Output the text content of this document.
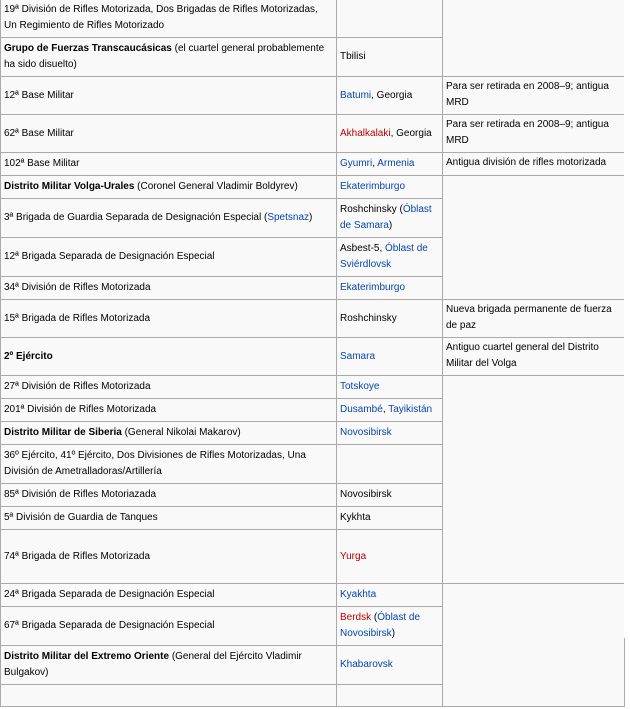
19ª División de Rifles Motorizada, Dos Brigadas de Rifles Motorizadas, Un Regimiento de Rifles Motorizado			
Grupo de Fuerzas Transcaucásicas (el cuartel general probablemente ha sido disuelto)	Tbilisi		
12ª Base Militar	Batumi, Georgia	Para ser retirada en 2008–9; antigua MRD	
62ª Base Militar	Akhalkalaki, Georgia	Para ser retirada en 2008–9; antigua MRD	
102ª Base Militar	Gyumri, Armenia	Antigua división de rifles motorizada	
Distrito Militar Volga-Urales (Coronel General Vladimir Boldyrev)	Ekaterimburgo		
3ª Brigada de Guardia Separada de Designación Especial (Spetsnaz)	Roshchinsky (Óblast de Samara)		
12ª Brigada Separada de Designación Especial	Asbest-5, Óblast de Sviérdlovsk		
34ª División de Rifles Motorizada	Ekaterimburgo		
15ª Brigada de Rifles Motorizada	Roshchinsky	Nueva brigada permanente de fuerza de paz	
2º Ejército	Samara	Antiguo cuartel general del Distrito Militar del Volga	
27ª División de Rifles Motorizada	Totskoye		
201ª División de Rifles Motorizada	Dusambé, Tayikistán		
Distrito Militar de Siberia (General Nikolai Makarov)	Novosibirsk		
36º Ejército, 41º Ejército, Dos Divisiones de Rifles Motorizadas, Una División de Ametralladoras/Artillería			
85ª División de Rifles Motoriazada	Novosibirsk		
5ª División de Guardia de Tanques	Kykhta		
74ª Brigada de Rifles Motorizada	Yurga	
24ª Brigada Separada de Designación Especial	Kyakhta		
67ª Brigada Separada de Designación Especial	Berdsk (Óblast de Novosibirsk)		
Distrito Militar del Extremo Oriente (General del Ejército Vladimir Bulgakov)	Khabarovsk		
